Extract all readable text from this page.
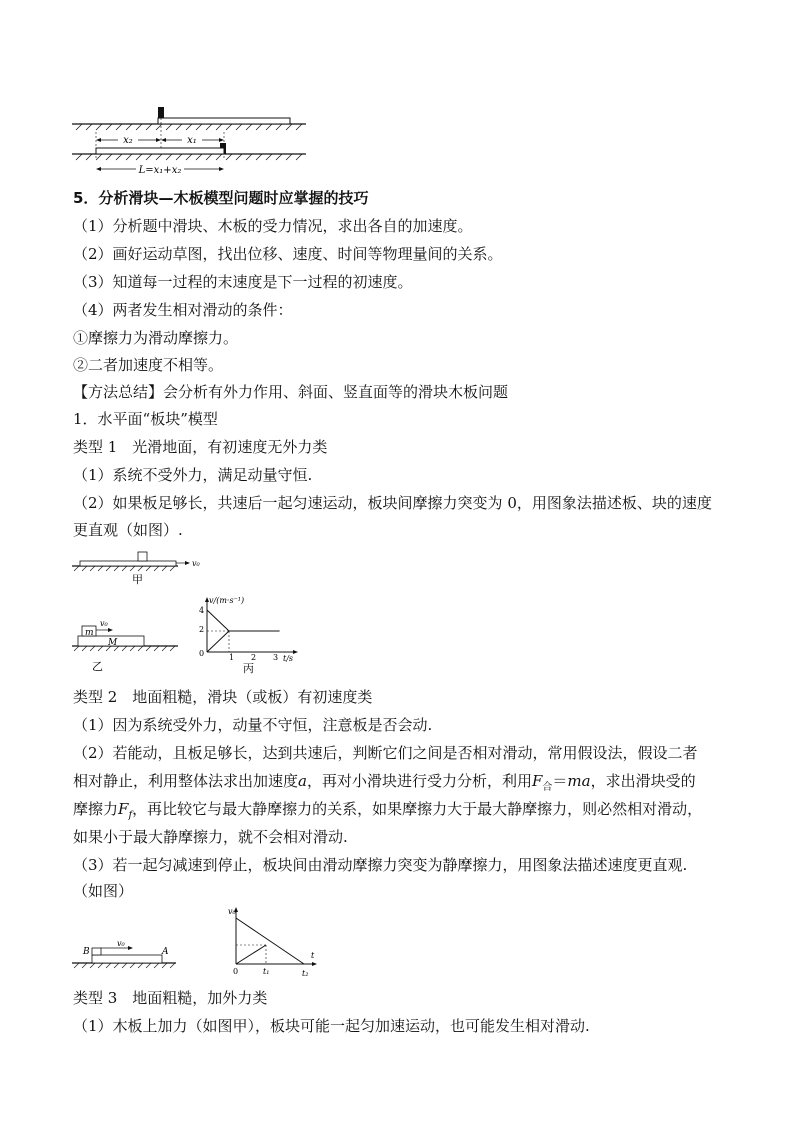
x₂	x₁
L=x₁+x₂
5．分析滑块—木板模型问题时应掌握的技巧
（1）分析题中滑块、木板的受力情况，求出各自的加速度。
（2）画好运动草图，找出位移、速度、时间等物理量间的关系。
（3）知道每一过程的末速度是下一过程的初速度。
（4）两者发生相对滑动的条件：
①摩擦力为滑动摩擦力。
②二者加速度不相等。
【方法总结】会分析有外力作用、斜面、竖直面等的滑块木板问题
1．水平面“板块”模型
类型 1　光滑地面，有初速度无外力类
（1）系统不受外力，满足动量守恒.
（2）如果板足够长，共速后一起匀速运动，板块间摩擦力突变为 0，用图象法描述板、块的速度
更直观（如图）.
v₀
甲
m
M
v₀
乙
v/(m·s⁻¹)
t/s
4
2
0	1 2 3
丙
类型 2　地面粗糙，滑块（或板）有初速度类
（1）因为系统受外力，动量不守恒，注意板是否会动.
（2）若能动，且板足够长，达到共速后，判断它们之间是否相对滑动，常用假设法，假设二者
相对静止，利用整体法求出加速度a，再对小滑块进行受力分析，利用$F_合=ma$，求出滑块受的
摩擦力$F_f$，再比较它与最大静摩擦力的关系，如果摩擦力大于最大静摩擦力，则必然相对滑动，
如果小于最大静摩擦力，就不会相对滑动.
（3）若一起匀减速到停止，板块间由滑动摩擦力突变为静摩擦力，用图象法描述速度更直观.
（如图）
B	A
v₀
v₀
t
0	t₁	t₂
类型 3　地面粗糙，加外力类
（1）木板上加力（如图甲），板块可能一起匀加速运动，也可能发生相对滑动.
